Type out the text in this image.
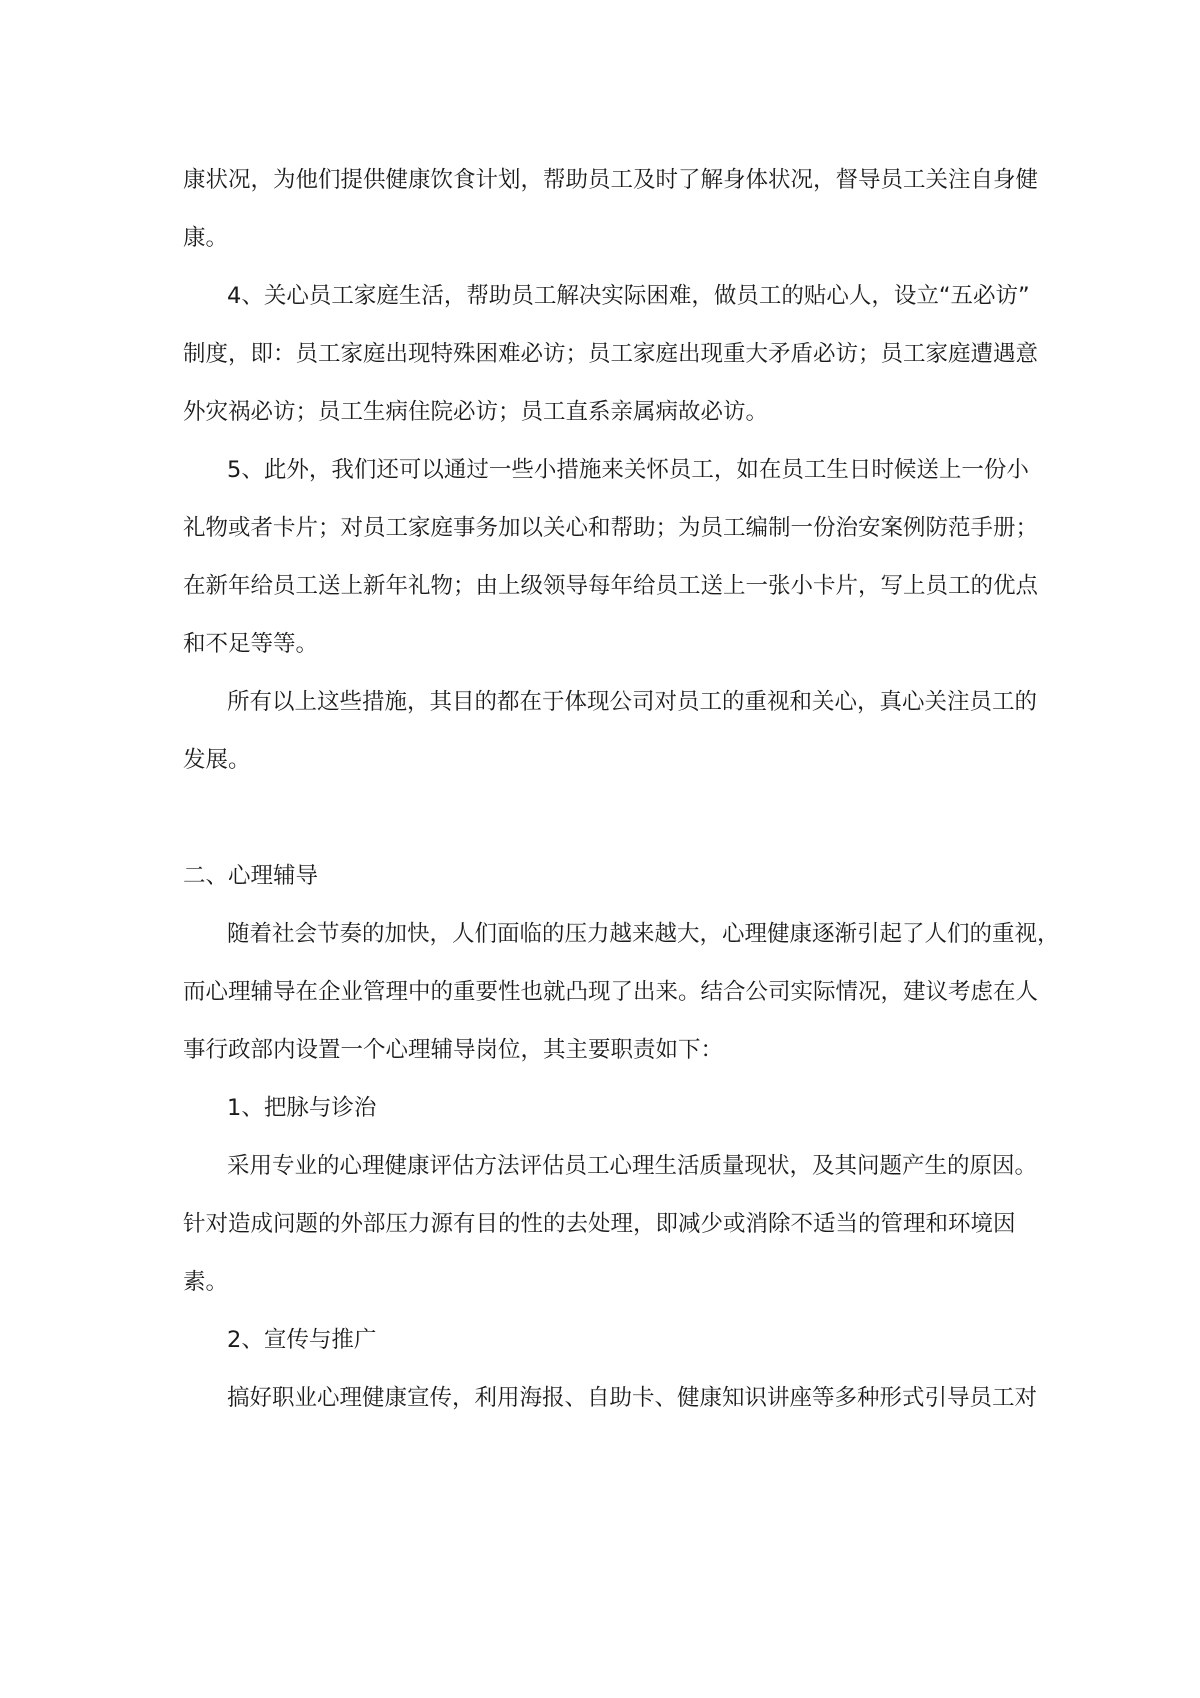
康状况，为他们提供健康饮食计划，帮助员工及时了解身体状况，督导员工关注自身健

康。

4、关心员工家庭生活，帮助员工解决实际困难，做员工的贴心人，设立“五必访”

制度，即：员工家庭出现特殊困难必访；员工家庭出现重大矛盾必访；员工家庭遭遇意

外灾祸必访；员工生病住院必访；员工直系亲属病故必访。

5、此外，我们还可以通过一些小措施来关怀员工，如在员工生日时候送上一份小

礼物或者卡片；对员工家庭事务加以关心和帮助；为员工编制一份治安案例防范手册；

在新年给员工送上新年礼物；由上级领导每年给员工送上一张小卡片，写上员工的优点

和不足等等。

所有以上这些措施，其目的都在于体现公司对员工的重视和关心，真心关注员工的

发展。

二、心理辅导

随着社会节奏的加快，人们面临的压力越来越大，心理健康逐渐引起了人们的重视，

而心理辅导在企业管理中的重要性也就凸现了出来。结合公司实际情况，建议考虑在人

事行政部内设置一个心理辅导岗位，其主要职责如下：

1、把脉与诊治

采用专业的心理健康评估方法评估员工心理生活质量现状，及其问题产生的原因。

针对造成问题的外部压力源有目的性的去处理，即减少或消除不适当的管理和环境因

素。

2、宣传与推广

搞好职业心理健康宣传，利用海报、自助卡、健康知识讲座等多种形式引导员工对
